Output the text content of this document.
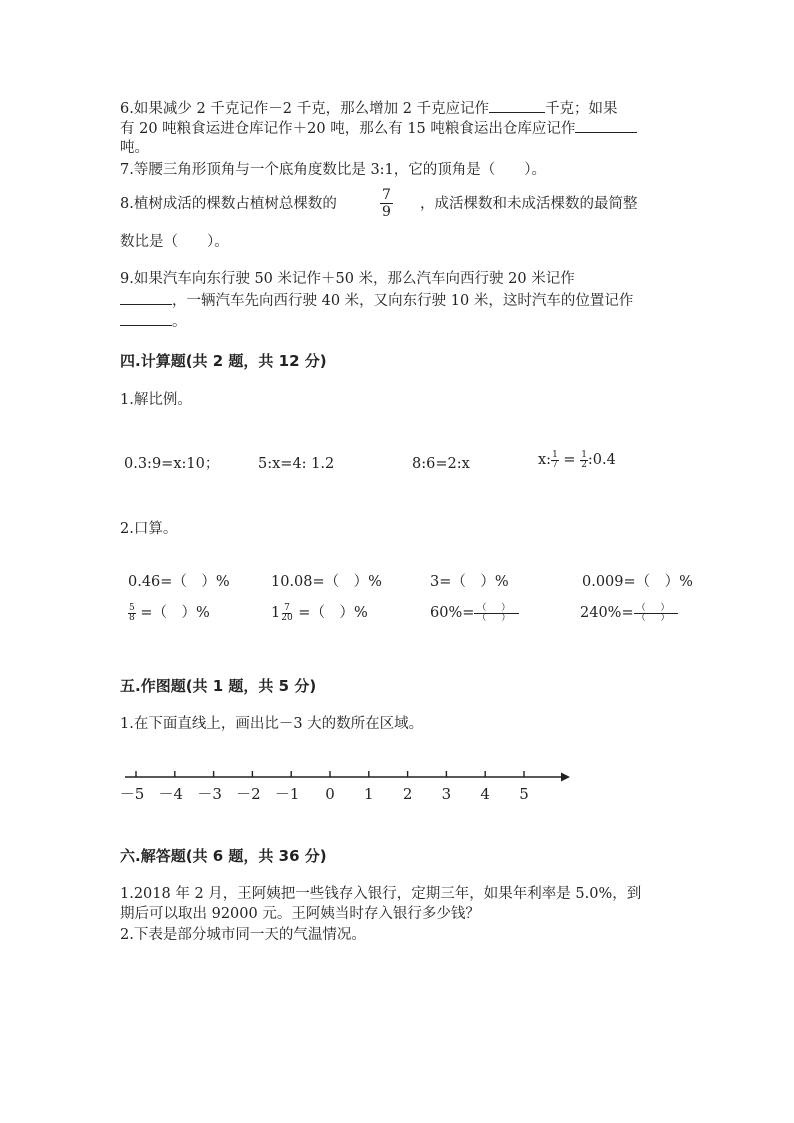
6.如果减少 2 千克记作－2 千克，那么增加 2 千克应记作	千克；如果
有 20 吨粮食运进仓库记作＋20 吨，那么有 15 吨粮食运出仓库应记作
吨。
7.等腰三角形顶角与一个底角度数比是 3:1，它的顶角是（　　）。
8.植树成活的棵数占植树总棵数的	$\frac{7}{9}$ ，成活棵数和未成活棵数的最简整
数比是（　　）。
9.如果汽车向东行驶 50 米记作＋50 米，那么汽车向西行驶 20 米记作
，一辆汽车先向西行驶 40 米，又向东行驶 10 米，这时汽车的位置记作
。
四.计算题(共 2 题，共 12 分)
1.解比例。
0.3:9=x:10；	5:x=4: 1.2	8:6=2:x	x: $\frac{1}{7} = \frac{1}{2}$ :0.4
2.口算。
0.46=（　）%	10.08=（　）%	3=（　）%	0.009=（　）%
$\frac{5}{8}$ =（　）%	$1 \frac{7}{20}$ =（　）%	$60\%= \frac{( )}{( )}$	$240\%= \frac{( )}{( )}$
五.作图题(共 1 题，共 5 分)
1.在下面直线上，画出比－3 大的数所在区域。
－5 －4 －3 －2 －1 0 1 2 3 4 5
六.解答题(共 6 题，共 36 分)
1.2018 年 2 月，王阿姨把一些钱存入银行，定期三年，如果年利率是 5.0%，到
期后可以取出 92000 元。王阿姨当时存入银行多少钱？
2.下表是部分城市同一天的气温情况。
